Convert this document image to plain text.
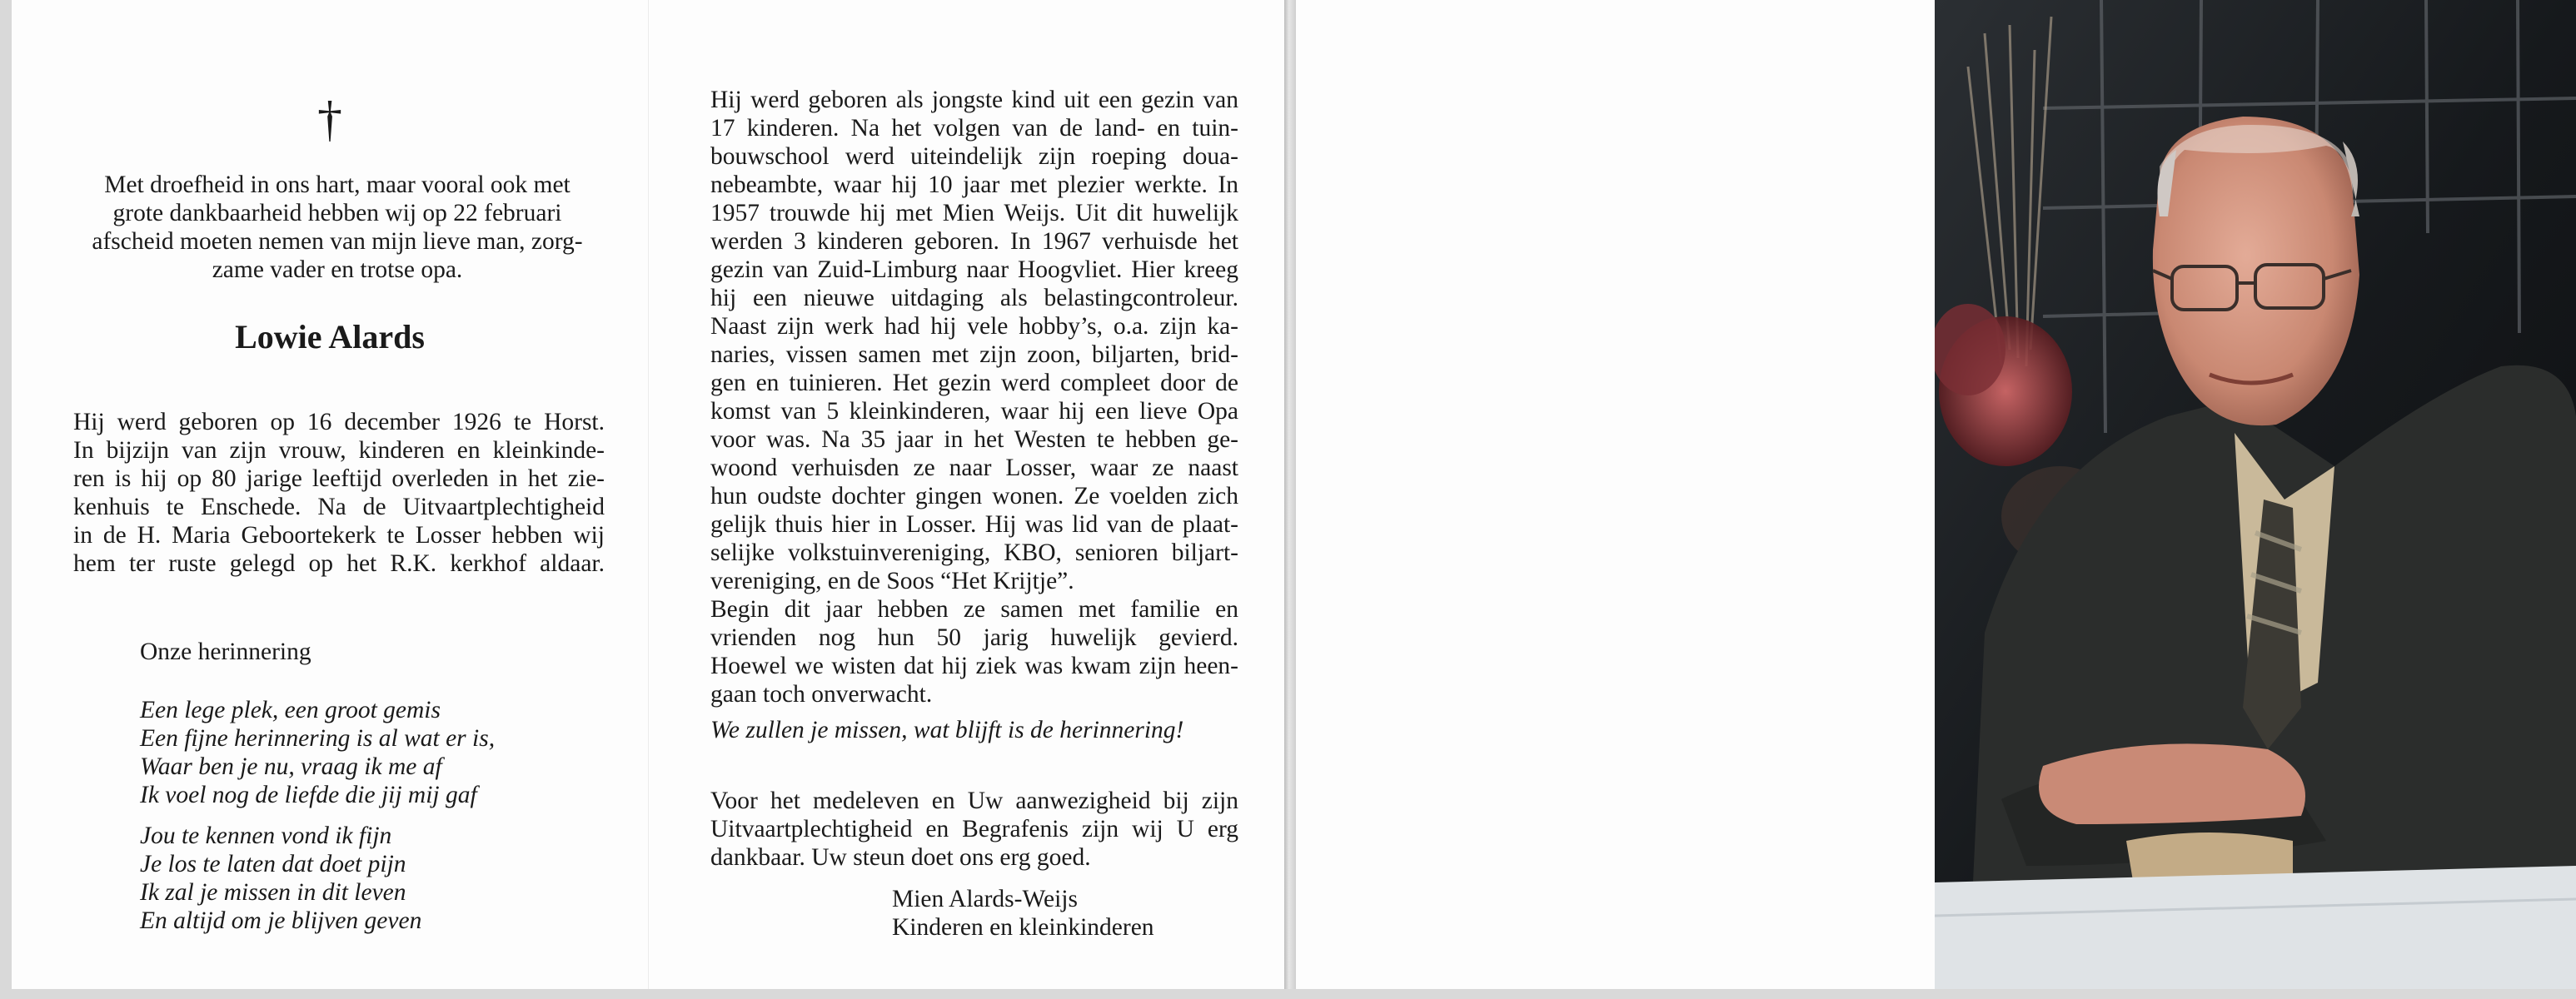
†
Met droefheid in ons hart, maar vooral ook met
grote dankbaarheid hebben wij op 22 februari
afscheid moeten nemen van mijn lieve man, zorg-
zame vader en trotse opa.
Lowie Alards
Hij werd geboren op 16 december 1926 te Horst.
In bijzijn van zijn vrouw, kinderen en kleinkinde-
ren is hij op 80 jarige leeftijd overleden in het zie-
kenhuis te Enschede. Na de Uitvaartplechtigheid
in de H. Maria Geboortekerk te Losser hebben wij
hem ter ruste gelegd op het R.K. kerkhof aldaar.
Onze herinnering
Een lege plek, een groot gemis
Een fijne herinnering is al wat er is,
Waar ben je nu, vraag ik me af
Ik voel nog de liefde die jij mij gaf
Jou te kennen vond ik fijn
Je los te laten dat doet pijn
Ik zal je missen in dit leven
En altijd om je blijven geven
Hij werd geboren als jongste kind uit een gezin van
17 kinderen. Na het volgen van de land- en tuin-
bouwschool werd uiteindelijk zijn roeping doua-
nebeambte, waar hij 10 jaar met plezier werkte. In
1957 trouwde hij met Mien Weijs. Uit dit huwelijk
werden 3 kinderen geboren. In 1967 verhuisde het
gezin van Zuid-Limburg naar Hoogvliet. Hier kreeg
hij een nieuwe uitdaging als belastingcontroleur.
Naast zijn werk had hij vele hobby’s, o.a. zijn ka-
naries, vissen samen met zijn zoon, biljarten, brid-
gen en tuinieren. Het gezin werd compleet door de
komst van 5 kleinkinderen, waar hij een lieve Opa
voor was. Na 35 jaar in het Westen te hebben ge-
woond verhuisden ze naar Losser, waar ze naast
hun oudste dochter gingen wonen. Ze voelden zich
gelijk thuis hier in Losser. Hij was lid van de plaat-
selijke volkstuinvereniging, KBO, senioren biljart-
vereniging, en de Soos “Het Krijtje”.
Begin dit jaar hebben ze samen met familie en
vrienden nog hun 50 jarig huwelijk gevierd.
Hoewel we wisten dat hij ziek was kwam zijn heen-
gaan toch onverwacht.
We zullen je missen, wat blijft is de herinnering!
Voor het medeleven en Uw aanwezigheid bij zijn
Uitvaartplechtigheid en Begrafenis zijn wij U erg
dankbaar. Uw steun doet ons erg goed.
Mien Alards-Weijs
Kinderen en kleinkinderen
